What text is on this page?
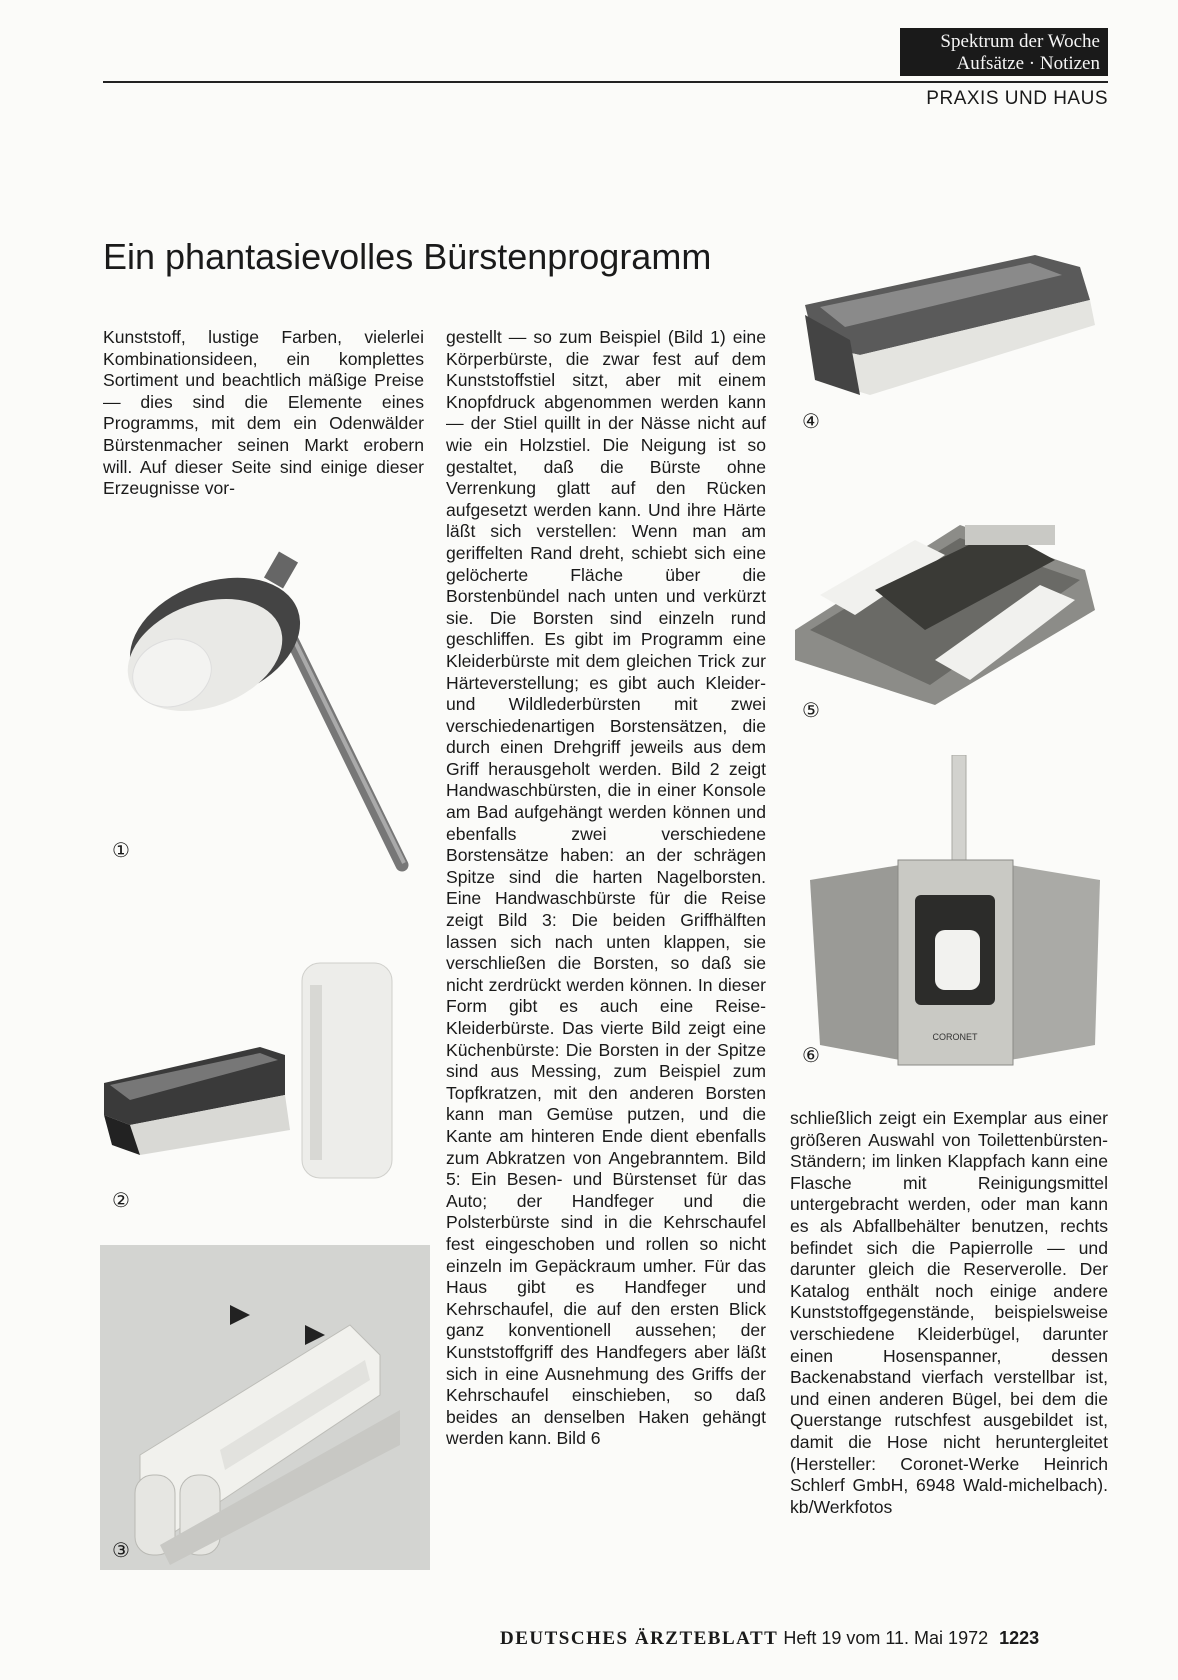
Spektrum der Woche
Aufsätze · Notizen
PRAXIS UND HAUS
Ein phantasievolles Bürstenprogramm

Kunststoff, lustige Farben, vielerlei Kombinationsideen, ein komplettes Sortiment und beachtlich mäßige Preise — dies sind die Elemente eines Programms, mit dem ein Odenwälder Bürstenmacher seinen Markt erobern will. Auf dieser Seite sind einige dieser Erzeugnisse vor-

gestellt — so zum Beispiel (Bild 1) eine Körperbürste, die zwar fest auf dem Kunststoffstiel sitzt, aber mit einem Knopfdruck abgenommen werden kann — der Stiel quillt in der Nässe nicht auf wie ein Holzstiel. Die Neigung ist so gestaltet, daß die Bürste ohne Verrenkung glatt auf den Rücken aufgesetzt werden kann. Und ihre Härte läßt sich verstellen: Wenn man am geriffelten Rand dreht, schiebt sich eine gelöcherte Fläche über die Borstenbündel nach unten und verkürzt sie. Die Borsten sind einzeln rund geschliffen. Es gibt im Programm eine Kleiderbürste mit dem gleichen Trick zur Härteverstellung; es gibt auch Kleider- und Wildlederbürsten mit zwei verschiedenartigen Borstensätzen, die durch einen Drehgriff jeweils aus dem Griff herausgeholt werden. Bild 2 zeigt Handwaschbürsten, die in einer Konsole am Bad aufgehängt werden können und ebenfalls zwei verschiedene Borstensätze haben: an der schrägen Spitze sind die harten Nagelborsten. Eine Handwaschbürste für die Reise zeigt Bild 3: Die beiden Griffhälften lassen sich nach unten klappen, sie verschließen die Borsten, so daß sie nicht zerdrückt werden können. In dieser Form gibt es auch eine Reise-Kleiderbürste. Das vierte Bild zeigt eine Küchenbürste: Die Borsten in der Spitze sind aus Messing, zum Beispiel zum Topfkratzen, mit den anderen Borsten kann man Gemüse putzen, und die Kante am hinteren Ende dient ebenfalls zum Abkratzen von Angebranntem. Bild 5: Ein Besen- und Bürstenset für das Auto; der Handfeger und die Polsterbürste sind in die Kehrschaufel fest eingeschoben und rollen so nicht einzeln im Gepäckraum umher. Für das Haus gibt es Handfeger und Kehrschaufel, die auf den ersten Blick ganz konventionell aussehen; der Kunststoffgriff des Handfegers aber läßt sich in eine Ausnehmung des Griffs der Kehrschaufel einschieben, so daß beides an denselben Haken gehängt werden kann. Bild 6

schließlich zeigt ein Exemplar aus einer größeren Auswahl von Toilettenbürsten-Ständern; im linken Klappfach kann eine Flasche mit Reinigungsmittel untergebracht werden, oder man kann es als Abfallbehälter benutzen, rechts befindet sich die Papierrolle — und darunter gleich die Reserverolle. Der Katalog enthält noch einige andere Kunststoffgegenstände, beispielsweise verschiedene Kleiderbügel, darunter einen Hosenspanner, dessen Backenabstand vierfach verstellbar ist, und einen anderen Bügel, bei dem die Querstange rutschfest ausgebildet ist, damit die Hose nicht heruntergleitet (Hersteller: Coronet-Werke Heinrich Schlerf GmbH, 6948 Wald-michelbach). kb/Werkfotos

①
②
③
④
⑤
CORONET
⑥
DEUTSCHES ÄRZTEBLATT Heft 19 vom 11. Mai 1972 1223
